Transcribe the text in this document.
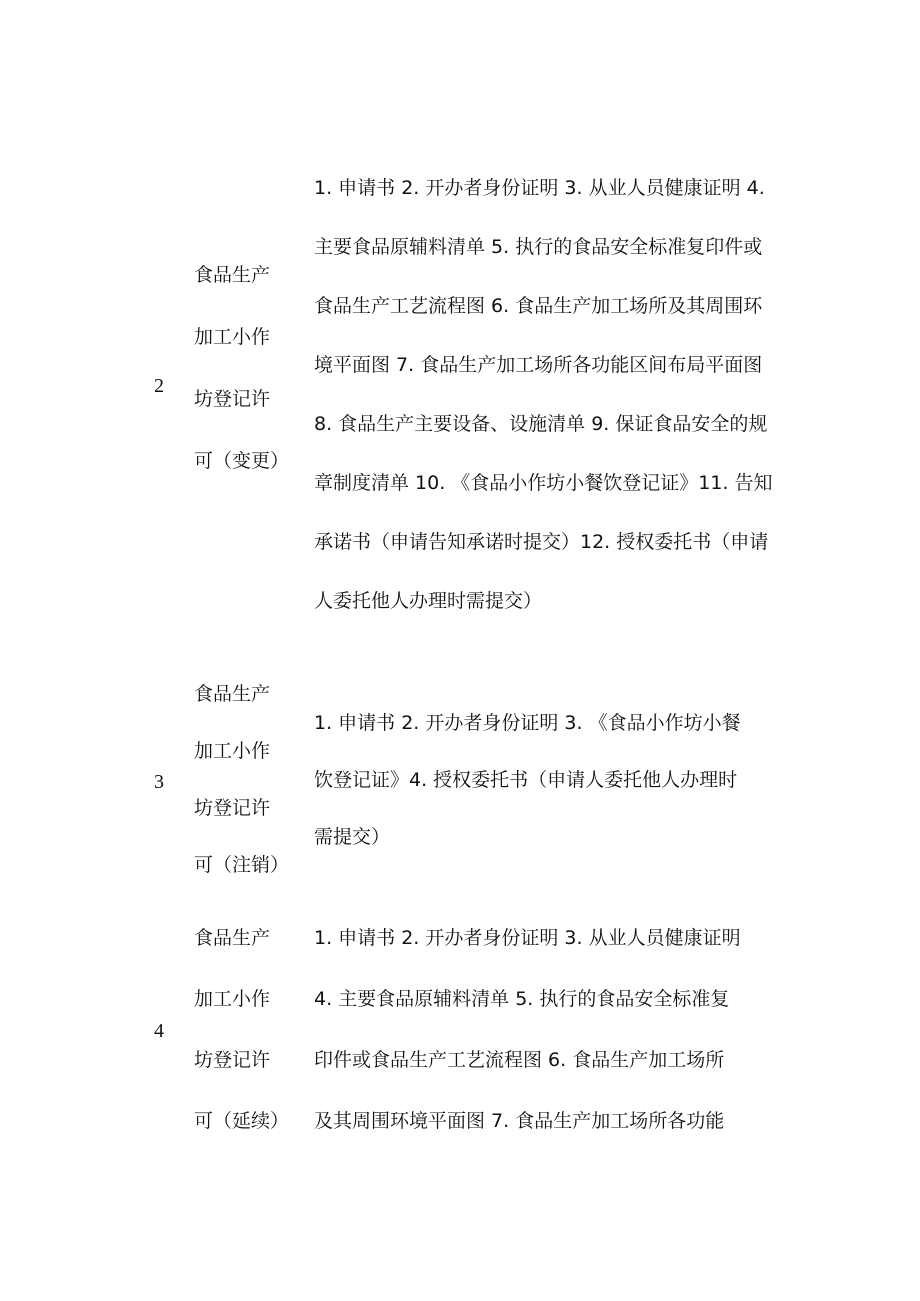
2
食品生产
加工小作
坊登记许
可（变更）
1. 申请书 2. 开办者身份证明 3. 从业人员健康证明 4.
主要食品原辅料清单 5. 执行的食品安全标准复印件或
食品生产工艺流程图 6. 食品生产加工场所及其周围环
境平面图 7. 食品生产加工场所各功能区间布局平面图
8. 食品生产主要设备、设施清单 9. 保证食品安全的规
章制度清单 10. 《食品小作坊小餐饮登记证》11. 告知
承诺书（申请告知承诺时提交）12. 授权委托书（申请
人委托他人办理时需提交）
3
食品生产
加工小作
坊登记许
可（注销）
1. 申请书 2. 开办者身份证明 3. 《食品小作坊小餐
饮登记证》4. 授权委托书（申请人委托他人办理时
需提交）
4
食品生产
加工小作
坊登记许
可（延续）
1. 申请书 2. 开办者身份证明 3. 从业人员健康证明
4. 主要食品原辅料清单 5. 执行的食品安全标准复
印件或食品生产工艺流程图 6. 食品生产加工场所
及其周围环境平面图 7. 食品生产加工场所各功能
